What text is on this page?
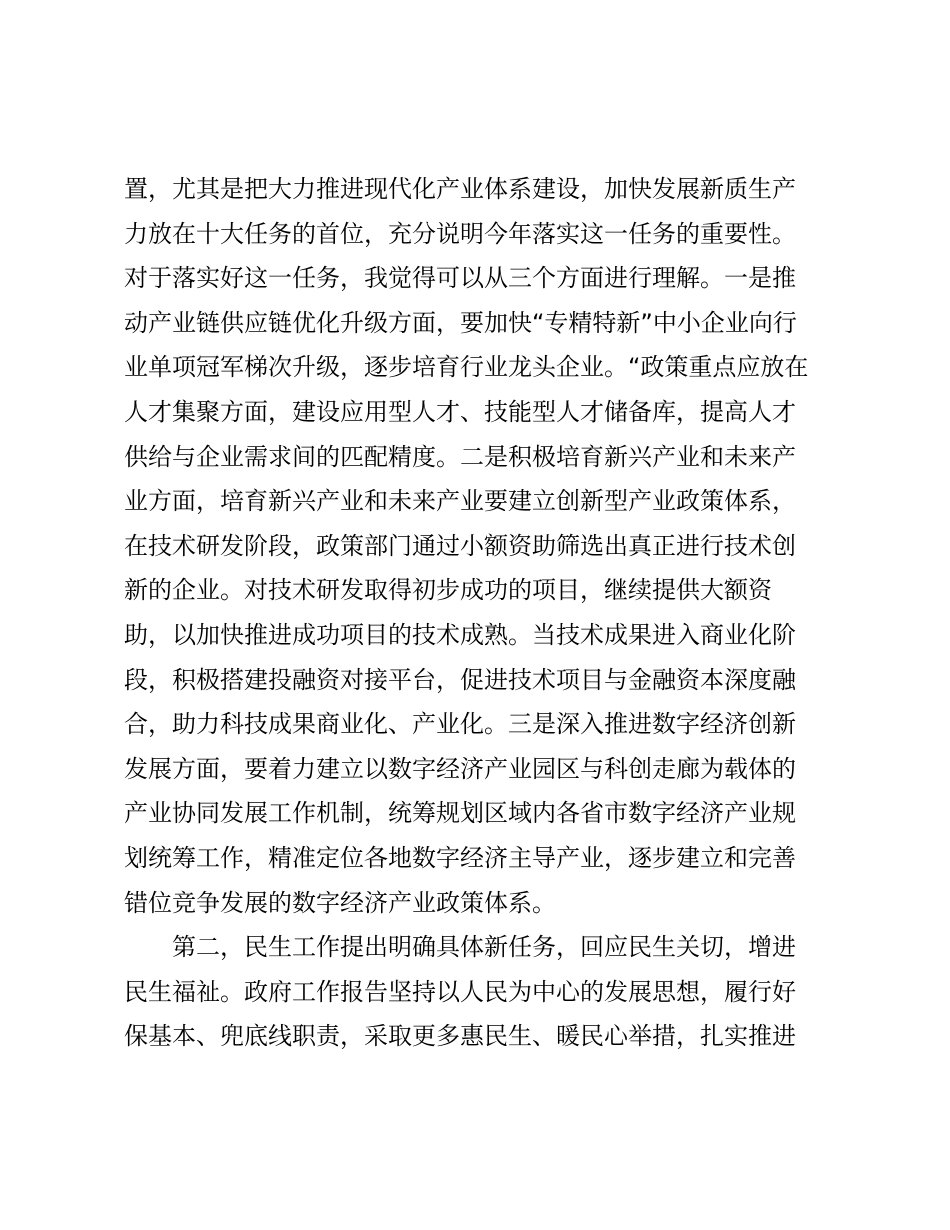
置，尤其是把大力推进现代化产业体系建设，加快发展新质生产
力放在十大任务的首位，充分说明今年落实这一任务的重要性。
对于落实好这一任务，我觉得可以从三个方面进行理解。一是推
动产业链供应链优化升级方面，要加快“专精特新”中小企业向行
业单项冠军梯次升级，逐步培育行业龙头企业。“政策重点应放在
人才集聚方面，建设应用型人才、技能型人才储备库，提高人才
供给与企业需求间的匹配精度。二是积极培育新兴产业和未来产
业方面，培育新兴产业和未来产业要建立创新型产业政策体系，
在技术研发阶段，政策部门通过小额资助筛选出真正进行技术创
新的企业。对技术研发取得初步成功的项目，继续提供大额资
助，以加快推进成功项目的技术成熟。当技术成果进入商业化阶
段，积极搭建投融资对接平台，促进技术项目与金融资本深度融
合，助力科技成果商业化、产业化。三是深入推进数字经济创新
发展方面，要着力建立以数字经济产业园区与科创走廊为载体的
产业协同发展工作机制，统筹规划区域内各省市数字经济产业规
划统筹工作，精准定位各地数字经济主导产业，逐步建立和完善
错位竞争发展的数字经济产业政策体系。
第二，民生工作提出明确具体新任务，回应民生关切，增进
民生福祉。政府工作报告坚持以人民为中心的发展思想，履行好
保基本、兜底线职责，采取更多惠民生、暖民心举措，扎实推进
